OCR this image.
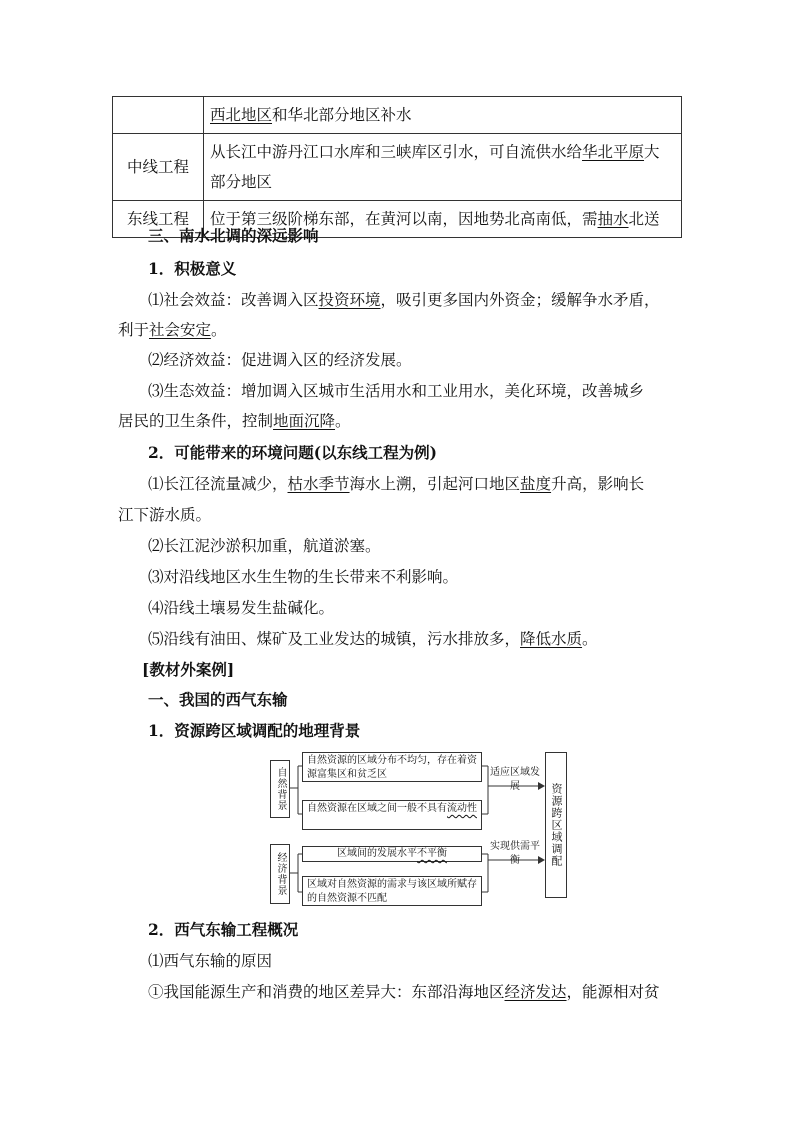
	西北地区和华北部分地区补水
中线工程	从长江中游丹江口水库和三峡库区引水，可自流供水给华北平原大
部分地区
东线工程	位于第三级阶梯东部，在黄河以南，因地势北高南低，需抽水北送
三、南水北调的深远影响
1．积极意义
⑴社会效益：改善调入区投资环境，吸引更多国内外资金；缓解争水矛盾，
利于社会安定。
⑵经济效益：促进调入区的经济发展。
⑶生态效益：增加调入区城市生活用水和工业用水，美化环境，改善城乡
居民的卫生条件，控制地面沉降。
2．可能带来的环境问题(以东线工程为例)
⑴长江径流量减少，枯水季节海水上溯，引起河口地区盐度升高，影响长
江下游水质。
⑵长江泥沙淤积加重，航道淤塞。
⑶对沿线地区水生生物的生长带来不利影响。
⑷沿线土壤易发生盐碱化。
⑸沿线有油田、煤矿及工业发达的城镇，污水排放多，降低水质。
[教材外案例]
一、我国的西气东输
1．资源跨区域调配的地理背景
自然背景
自然资源的区域分布不均匀，存在着资源富集区和贫乏区
自然资源在区域之间一般不具有流动性
经济背景	区域间的发展水平不平衡
区域对自然资源的需求与该区域所赋存的自然资源不匹配
适应区域发展
实现供需平衡	资源跨区域调配
2．西气东输工程概况
⑴西气东输的原因
①我国能源生产和消费的地区差异大：东部沿海地区经济发达，能源相对贫
